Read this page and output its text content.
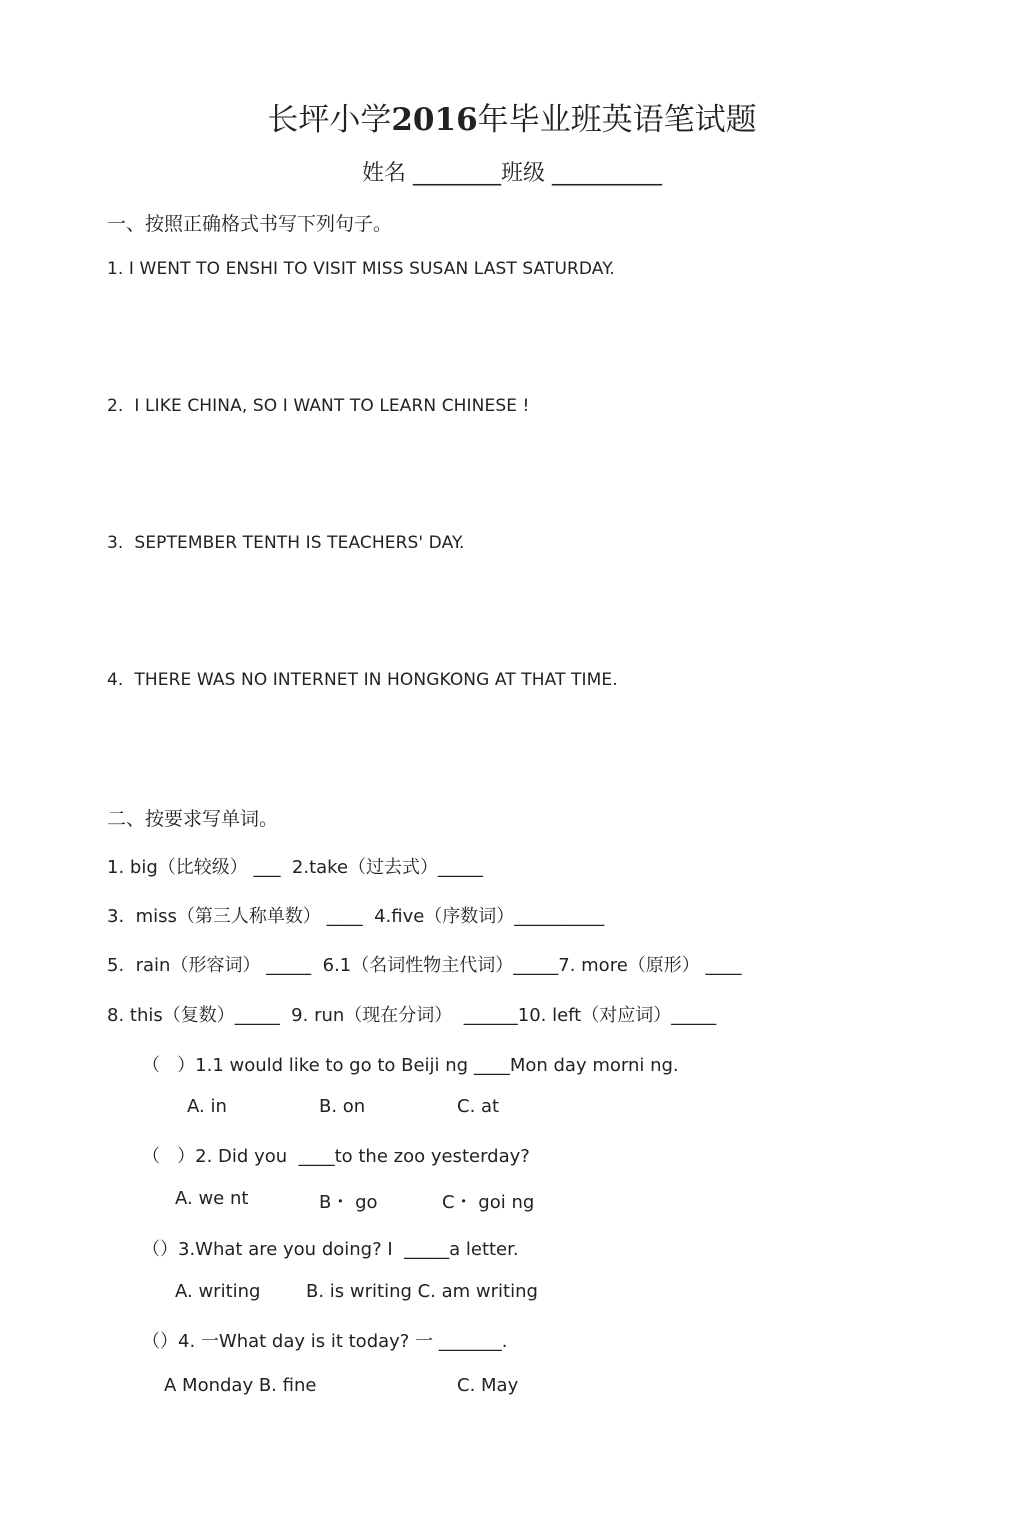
长坪小学2016年毕业班英语笔试题
姓名 ________班级 __________
一、按照正确格式书写下列句子。
1. I WENT TO ENSHI TO VISIT MISS SUSAN LAST SATURDAY.
2.  I LIKE CHINA, SO I WANT TO LEARN CHINESE !
3.  SEPTEMBER TENTH IS TEACHERS' DAY.
4.  THERE WAS NO INTERNET IN HONGKONG AT THAT TIME.
二、按要求写单词。
1. big（比较级） ___  2.take（过去式）_____
3.  miss（第三人称单数） ____  4.five（序数词）__________
5.  rain（形容词） _____  6.1（名词性物主代词）_____7. more（原形） ____
8. this（复数）_____  9. run（现在分词）  ______10. left（对应词）_____
（   ）1.1 would like to go to Beiji ng ____Mon day morni ng.
A. in	B. on	C. at
（   ）2. Did you  ____to the zoo yesterday?
A. we nt	B・ go	C・ goi ng
（）3.What are you doing? I  _____a letter.
A. writing	B. is writing C. am writing
（）4. 一What day is it today? 一 _______.
A Monday B. fine	C. May
